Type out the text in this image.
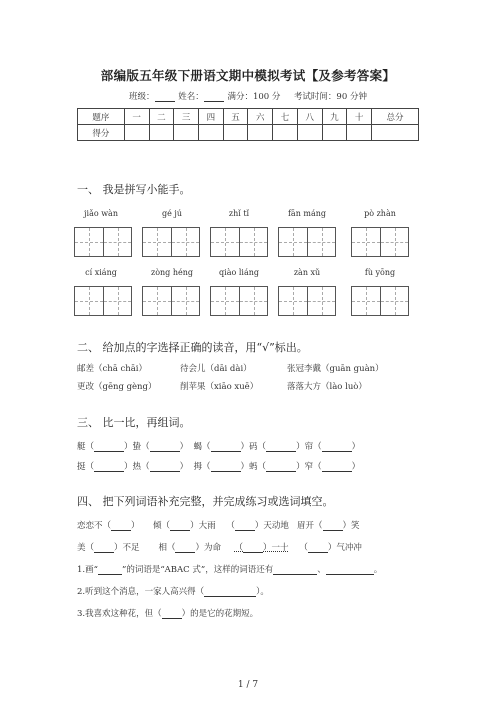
部编版五年级下册语文期中模拟考试【及参考答案】
班级：	姓名：	满分：100 分 考试时间：90 分钟
题序	一	二	三	四	五	六	七	八	九	十	总分
得分											
一、 我是拼写小能手。
jiǎo wàn	gé jú	zhǐ tǐ	fān máng	pò zhàn
cí xiáng	zòng héng	qiào liáng	zàn xǔ	fù yōng
二、 给加点的字选择正确的读音，用“√”标出。
邮差（chā chāi）	待会儿（dāi dài）	张冠李戴（guān guàn）
更改（gēng gèng）	削苹果（xiāo xuē）	落落大方（lào luò）
三、 比一比，再组词。
艇（	）蛰（	）  蝎（	）码（	）帘（	）
挺（	）热（	）  拇（	）蚂（	）窄（	）
四、 把下列词语补充完整，并完成练习或选词填空。
恋恋不（ ） 倾（ ）大雨 （ ）天动地 眉开（ ）笑
美（ ）不足 相（ ）为命 （ ）一十 （ ）气冲冲
1.画“	”的词语是“ABAC 式”，这样的词语还有	、	。
2.听到这个消息，一家人高兴得（	）。
3.我喜欢这种花，但（ ）的是它的花期短。
1 / 7
